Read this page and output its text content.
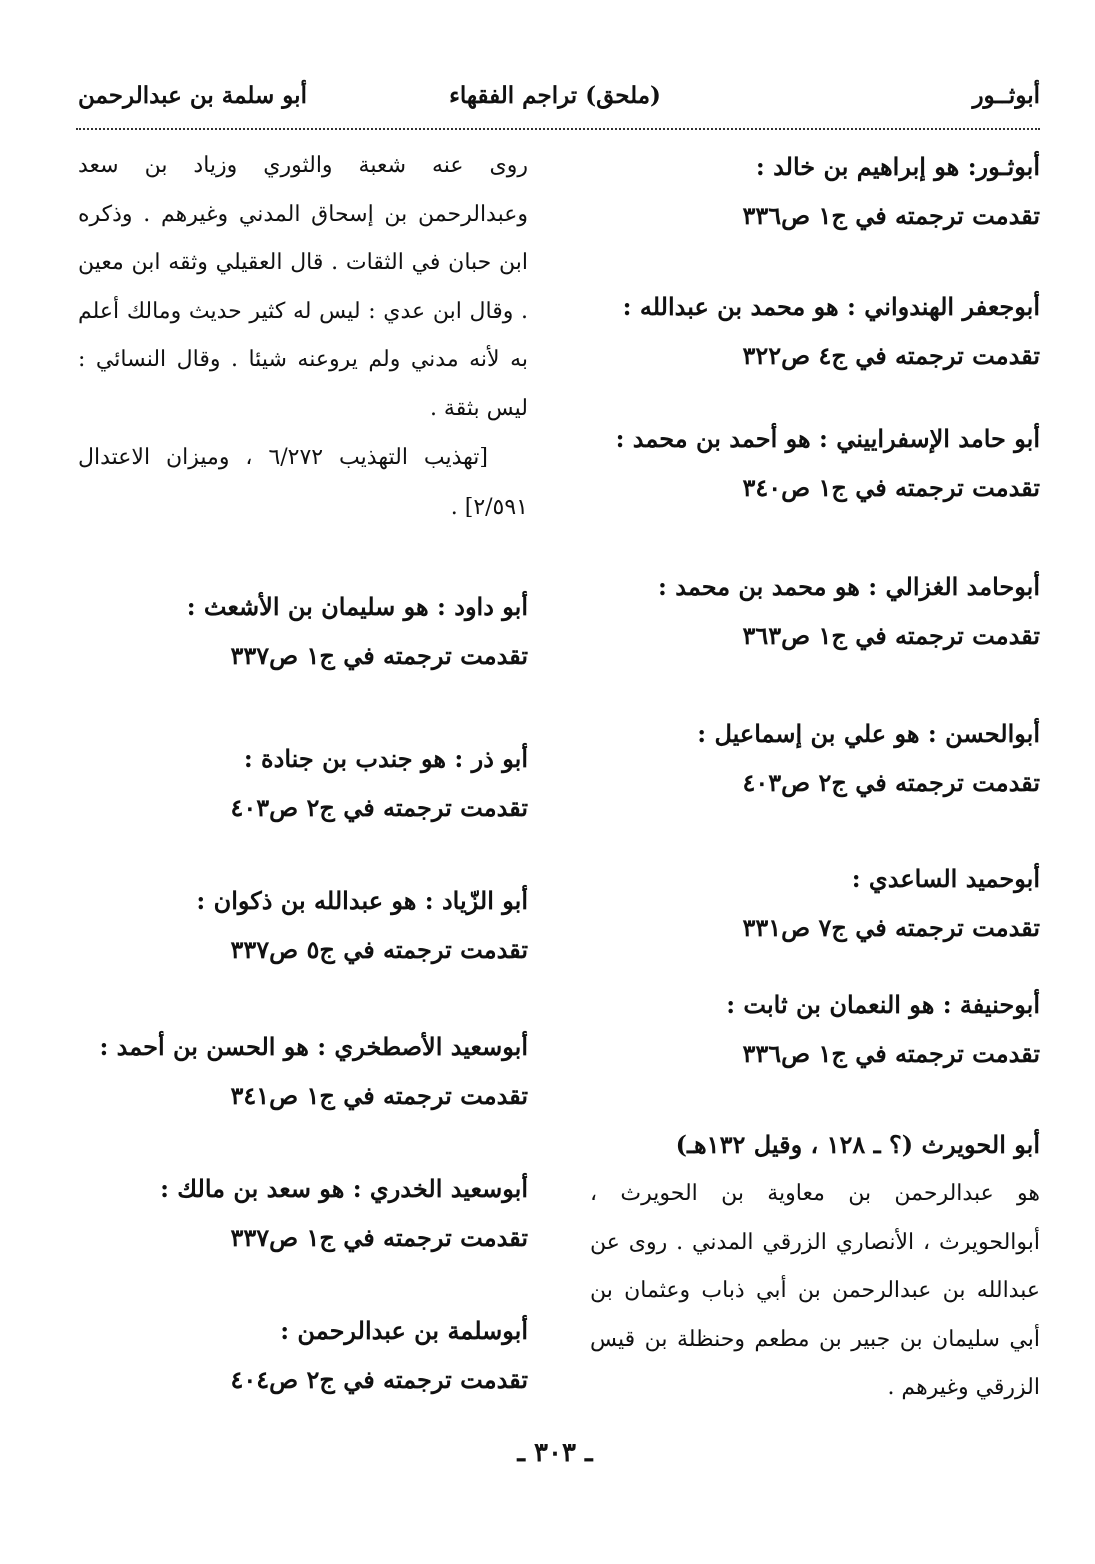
أبوثــور
(ملحق) تراجم الفقهاء
أبو سلمة بن عبدالرحمن
أبوثـور: هو إبراهيم بن خالد :
تقدمت ترجمته في ج١ ص٣٣٦
أبوجعفر الهندواني : هو محمد بن عبدالله :
تقدمت ترجمته في ج٤ ص٣٢٢
أبو حامد الإسفراييني : هو أحمد بن محمد :
تقدمت ترجمته في ج١ ص٣٤٠
أبوحامد الغزالي : هو محمد بن محمد :
تقدمت ترجمته في ج١ ص٣٦٣
أبوالحسن : هو علي بن إسماعيل :
تقدمت ترجمته في ج٢ ص٤٠٣
أبوحميد الساعدي :
تقدمت ترجمته في ج٧ ص٣٣١
أبوحنيفة : هو النعمان بن ثابت :
تقدمت ترجمته في ج١ ص٣٣٦
أبو الحويرث (؟ ـ ١٢٨ ، وقيل ١٣٢هـ)
هو عبدالرحمن بن معاوية بن الحويرث ، أبوالحويرث ، الأنصاري الزرقي المدني . روى عن عبدالله بن عبدالرحمن بن أبي ذباب وعثمان بن أبي سليمان بن جبير بن مطعم وحنظلة بن قيس الزرقي وغيرهم .
روى عنه شعبة والثوري وزياد بن سعد وعبدالرحمن بن إسحاق المدني وغيرهم . وذكره ابن حبان في الثقات . قال العقيلي وثقه ابن معين . وقال ابن عدي : ليس له كثير حديث ومالك أعلم به لأنه مدني ولم يروعنه شيئا . وقال النسائي : ليس بثقة .
[تهذيب التهذيب ٦/٢٧٢ ، وميزان الاعتدال ٢/٥٩١] .
أبو داود : هو سليمان بن الأشعث :
تقدمت ترجمته في ج١ ص٣٣٧
أبو ذر : هو جندب بن جنادة :
تقدمت ترجمته في ج٢ ص٤٠٣
أبو الزّياد : هو عبدالله بن ذكوان :
تقدمت ترجمته في ج٥ ص٣٣٧
أبوسعيد الأصطخري : هو الحسن بن أحمد :
تقدمت ترجمته في ج١ ص٣٤١
أبوسعيد الخدري : هو سعد بن مالك :
تقدمت ترجمته في ج١ ص٣٣٧
أبوسلمة بن عبدالرحمن :
تقدمت ترجمته في ج٢ ص٤٠٤
ـ ٣٠٣ ـ
